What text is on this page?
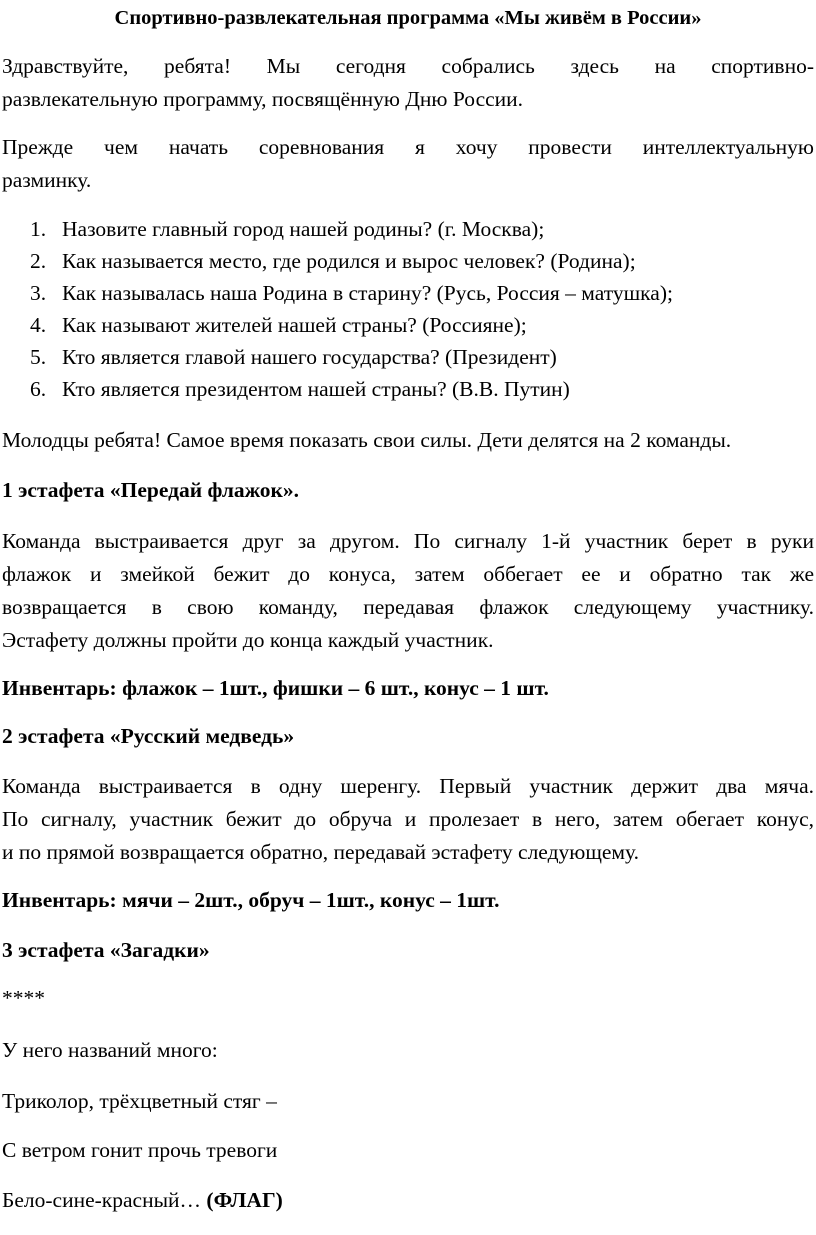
Спортивно-развлекательная программа «Мы живём в России»
Здравствуйте, ребята! Мы сегодня собрались здесь на спортивно-
развлекательную программу, посвящённую Дню России.
Прежде чем начать соревнования я хочу провести интеллектуальную
разминку.
1. Назовите главный город нашей родины? (г. Москва);
2. Как называется место, где родился и вырос человек? (Родина);
3. Как называлась наша Родина в старину? (Русь, Россия – матушка);
4. Как называют жителей нашей страны? (Россияне);
5. Кто является главой нашего государства? (Президент)
6. Кто является президентом нашей страны? (В.В. Путин)
Молодцы ребята! Самое время показать свои силы. Дети делятся на 2 команды.
1 эстафета «Передай флажок».
Команда выстраивается друг за другом. По сигналу 1-й участник берет в руки
флажок и змейкой бежит до конуса, затем оббегает ее и обратно так же
возвращается в свою команду, передавая флажок следующему участнику.
Эстафету должны пройти до конца каждый участник.
Инвентарь: флажок – 1шт., фишки – 6 шт., конус – 1 шт.
2 эстафета «Русский медведь»
Команда выстраивается в одну шеренгу. Первый участник держит два мяча.
По сигналу, участник бежит до обруча и пролезает в него, затем обегает конус,
и по прямой возвращается обратно, передавай эстафету следующему.
Инвентарь: мячи – 2шт., обруч – 1шт., конус – 1шт.
3 эстафета «Загадки»
****
У него названий много:
Триколор, трёхцветный стяг –
С ветром гонит прочь тревоги
Бело-сине-красный… (ФЛАГ)
